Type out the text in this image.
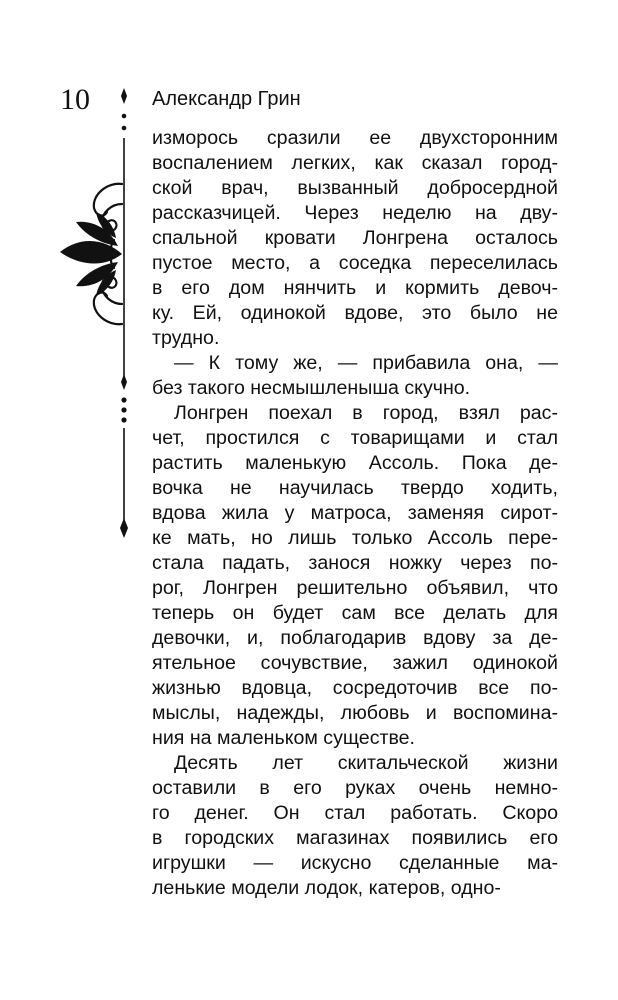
10	Александр Грин
изморось сразили ее двухсторонним
воспалением легких, как сказал город-
ской врач, вызванный добросердной
рассказчицей. Через неделю на дву-
спальной кровати Лонгрена осталось
пустое место, а соседка переселилась
в его дом нянчить и кормить девоч-
ку. Ей, одинокой вдове, это было не
трудно.
— К тому же, — прибавила она, —
без такого несмышленыша скучно.
Лонгрен поехал в город, взял рас-
чет, простился с товарищами и стал
растить маленькую Ассоль. Пока де-
вочка не научилась твердо ходить,
вдова жила у матроса, заменяя сирот-
ке мать, но лишь только Ассоль пере-
стала падать, занося ножку через по-
рог, Лонгрен решительно объявил, что
теперь он будет сам все делать для
девочки, и, поблагодарив вдову за де-
ятельное сочувствие, зажил одинокой
жизнью вдовца, сосредоточив все по-
мыслы, надежды, любовь и воспомина-
ния на маленьком существе.
Десять лет скитальческой жизни
оставили в его руках очень немно-
го денег. Он стал работать. Скоро
в городских магазинах появились его
игрушки — искусно сделанные ма-
ленькие модели лодок, катеров, одно-
